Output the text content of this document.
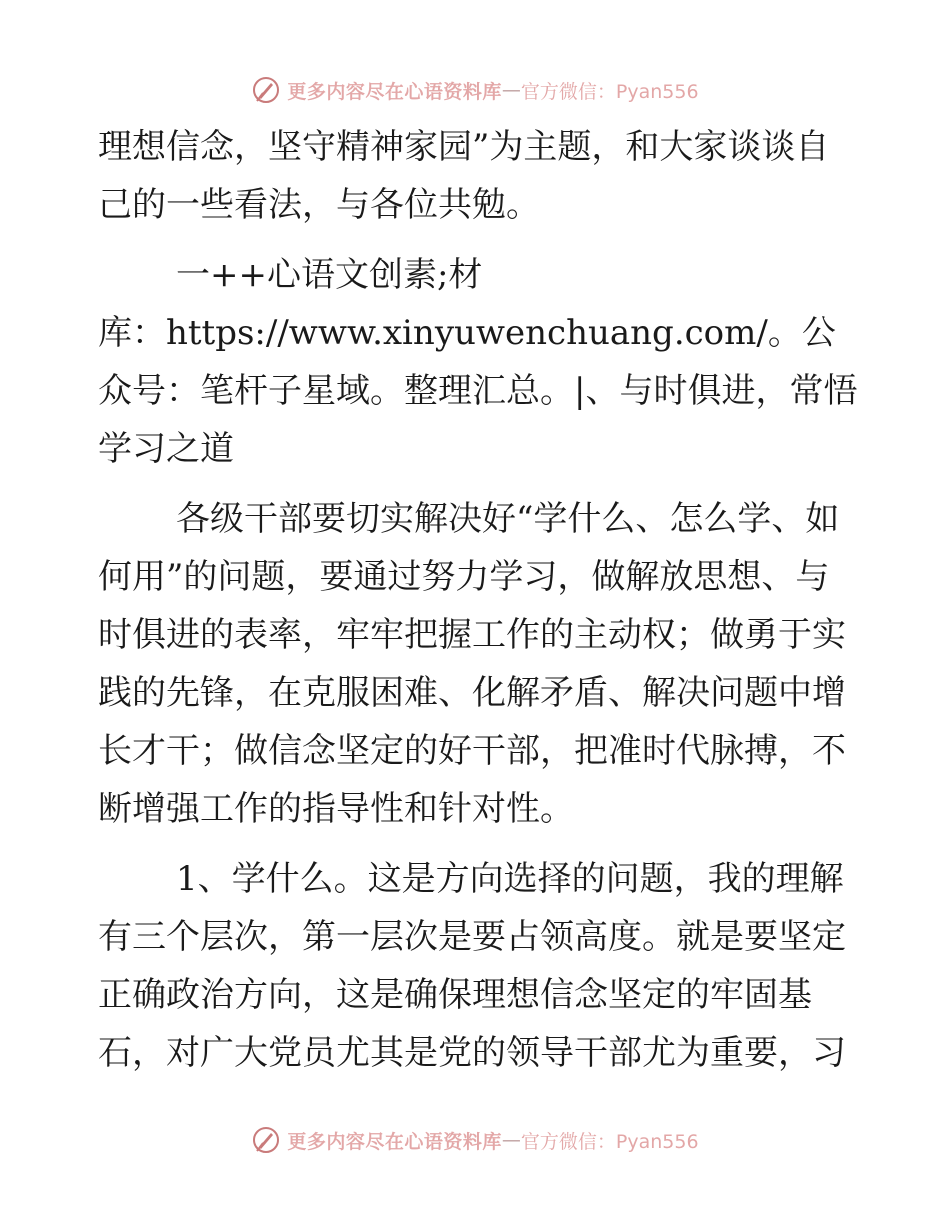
更多内容尽在心语资料库 — 官方微信：Pyan556

理想信念，坚守精神家园”为主题，和大家谈谈自己的一些看法，与各位共勉。

一++心语文创素;材

库：https://www.xinyuwenchuang.com/。公众号：笔杆子星域。整理汇总。|、与时俱进，常悟学习之道

各级干部要切实解决好“学什么、怎么学、如何用”的问题，要通过努力学习，做解放思想、与时俱进的表率，牢牢把握工作的主动权；做勇于实践的先锋，在克服困难、化解矛盾、解决问题中增长才干；做信念坚定的好干部，把准时代脉搏，不断增强工作的指导性和针对性。

1、学什么。这是方向选择的问题，我的理解有三个层次，第一层次是要占领高度。就是要坚定正确政治方向，这是确保理想信念坚定的牢固基石，对广大党员尤其是党的领导干部尤为重要，习

更多内容尽在心语资料库 — 官方微信：Pyan556
